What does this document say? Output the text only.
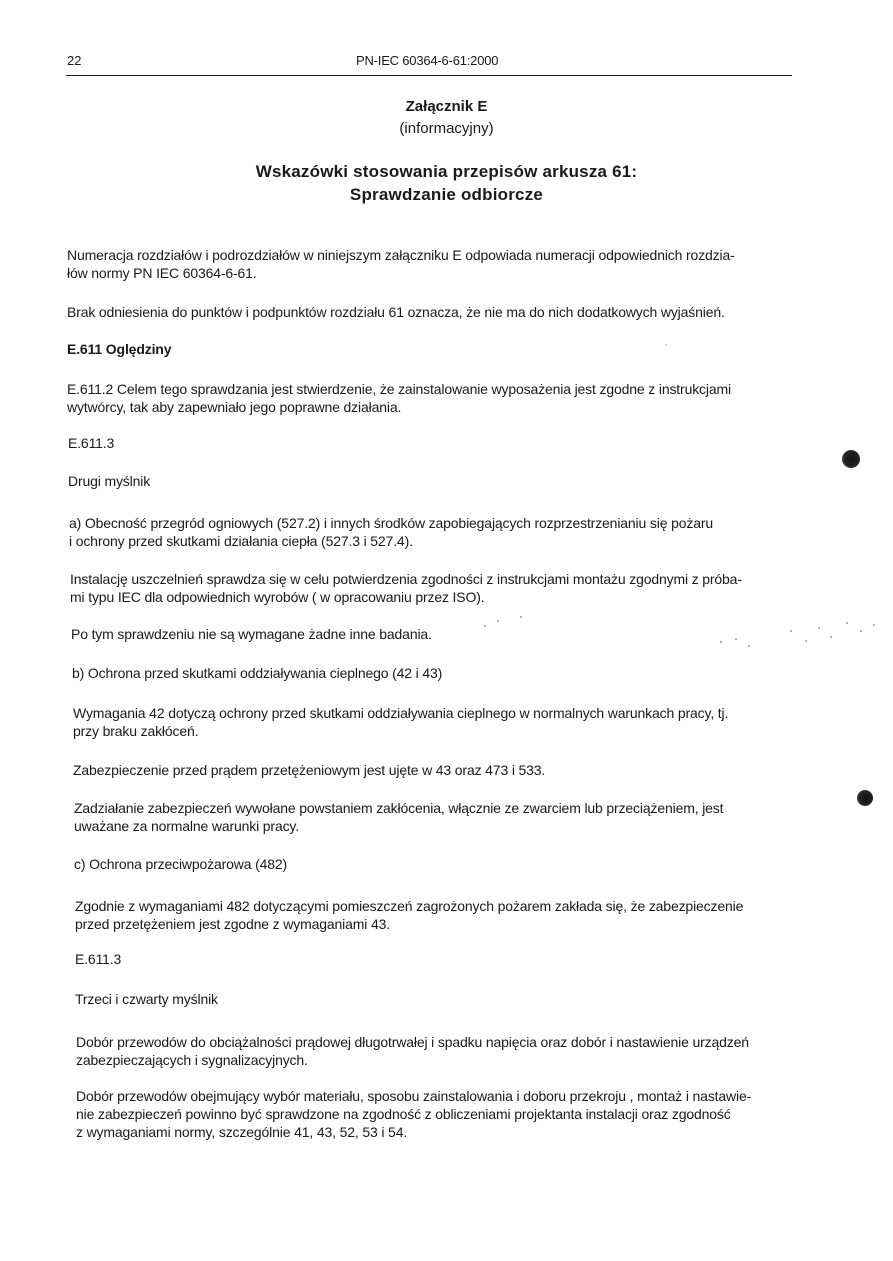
22	PN-IEC 60364-6-61:2000
Załącznik E
(informacyjny)
Wskazówki stosowania przepisów arkusza 61:
Sprawdzanie odbiorcze
Numeracja rozdziałów i podrozdziałów w niniejszym załączniku E odpowiada numeracji odpowiednich rozdzia-
łów normy PN IEC 60364-6-61.
Brak odniesienia do punktów i podpunktów rozdziału 61 oznacza, że nie ma do nich dodatkowych wyjaśnień.
E.611 Oględziny
E.611.2 Celem tego sprawdzania jest stwierdzenie, że zainstalowanie wyposażenia jest zgodne z instrukcjami
wytwórcy, tak aby zapewniało jego poprawne działania.
E.611.3
Drugi myślnik
a) Obecność przegród ogniowych (527.2) i innych środków zapobiegających rozprzestrzenianiu się pożaru
i ochrony przed skutkami działania ciepła (527.3 i 527.4).
Instalację uszczelnień sprawdza się w celu potwierdzenia zgodności z instrukcjami montażu zgodnymi z próba-
mi typu IEC dla odpowiednich wyrobów ( w opracowaniu przez ISO).
Po tym sprawdzeniu nie są wymagane żadne inne badania.
b) Ochrona przed skutkami oddziaływania cieplnego (42 i 43)
Wymagania 42 dotyczą ochrony przed skutkami oddziaływania cieplnego w normalnych warunkach pracy, tj.
przy braku zakłóceń.
Zabezpieczenie przed prądem przetężeniowym jest ujęte w 43 oraz 473 i 533.
Zadziałanie zabezpieczeń wywołane powstaniem zakłócenia, włącznie ze zwarciem lub przeciążeniem, jest
uważane za normalne warunki pracy.
c) Ochrona przeciwpożarowa (482)
Zgodnie z wymaganiami 482 dotyczącymi pomieszczeń zagrożonych pożarem zakłada się, że zabezpieczenie
przed przetężeniem jest zgodne z wymaganiami 43.
E.611.3
Trzeci i czwarty myślnik
Dobór przewodów do obciążalności prądowej długotrwałej i spadku napięcia oraz dobór i nastawienie urządzeń
zabezpieczających i sygnalizacyjnych.
Dobór przewodów obejmujący wybór materiału, sposobu zainstalowania i doboru przekroju , montaż i nastawie-
nie zabezpieczeń powinno być sprawdzone na zgodność z obliczeniami projektanta instalacji oraz zgodność
z wymaganiami normy, szczególnie 41, 43, 52, 53 i 54.
